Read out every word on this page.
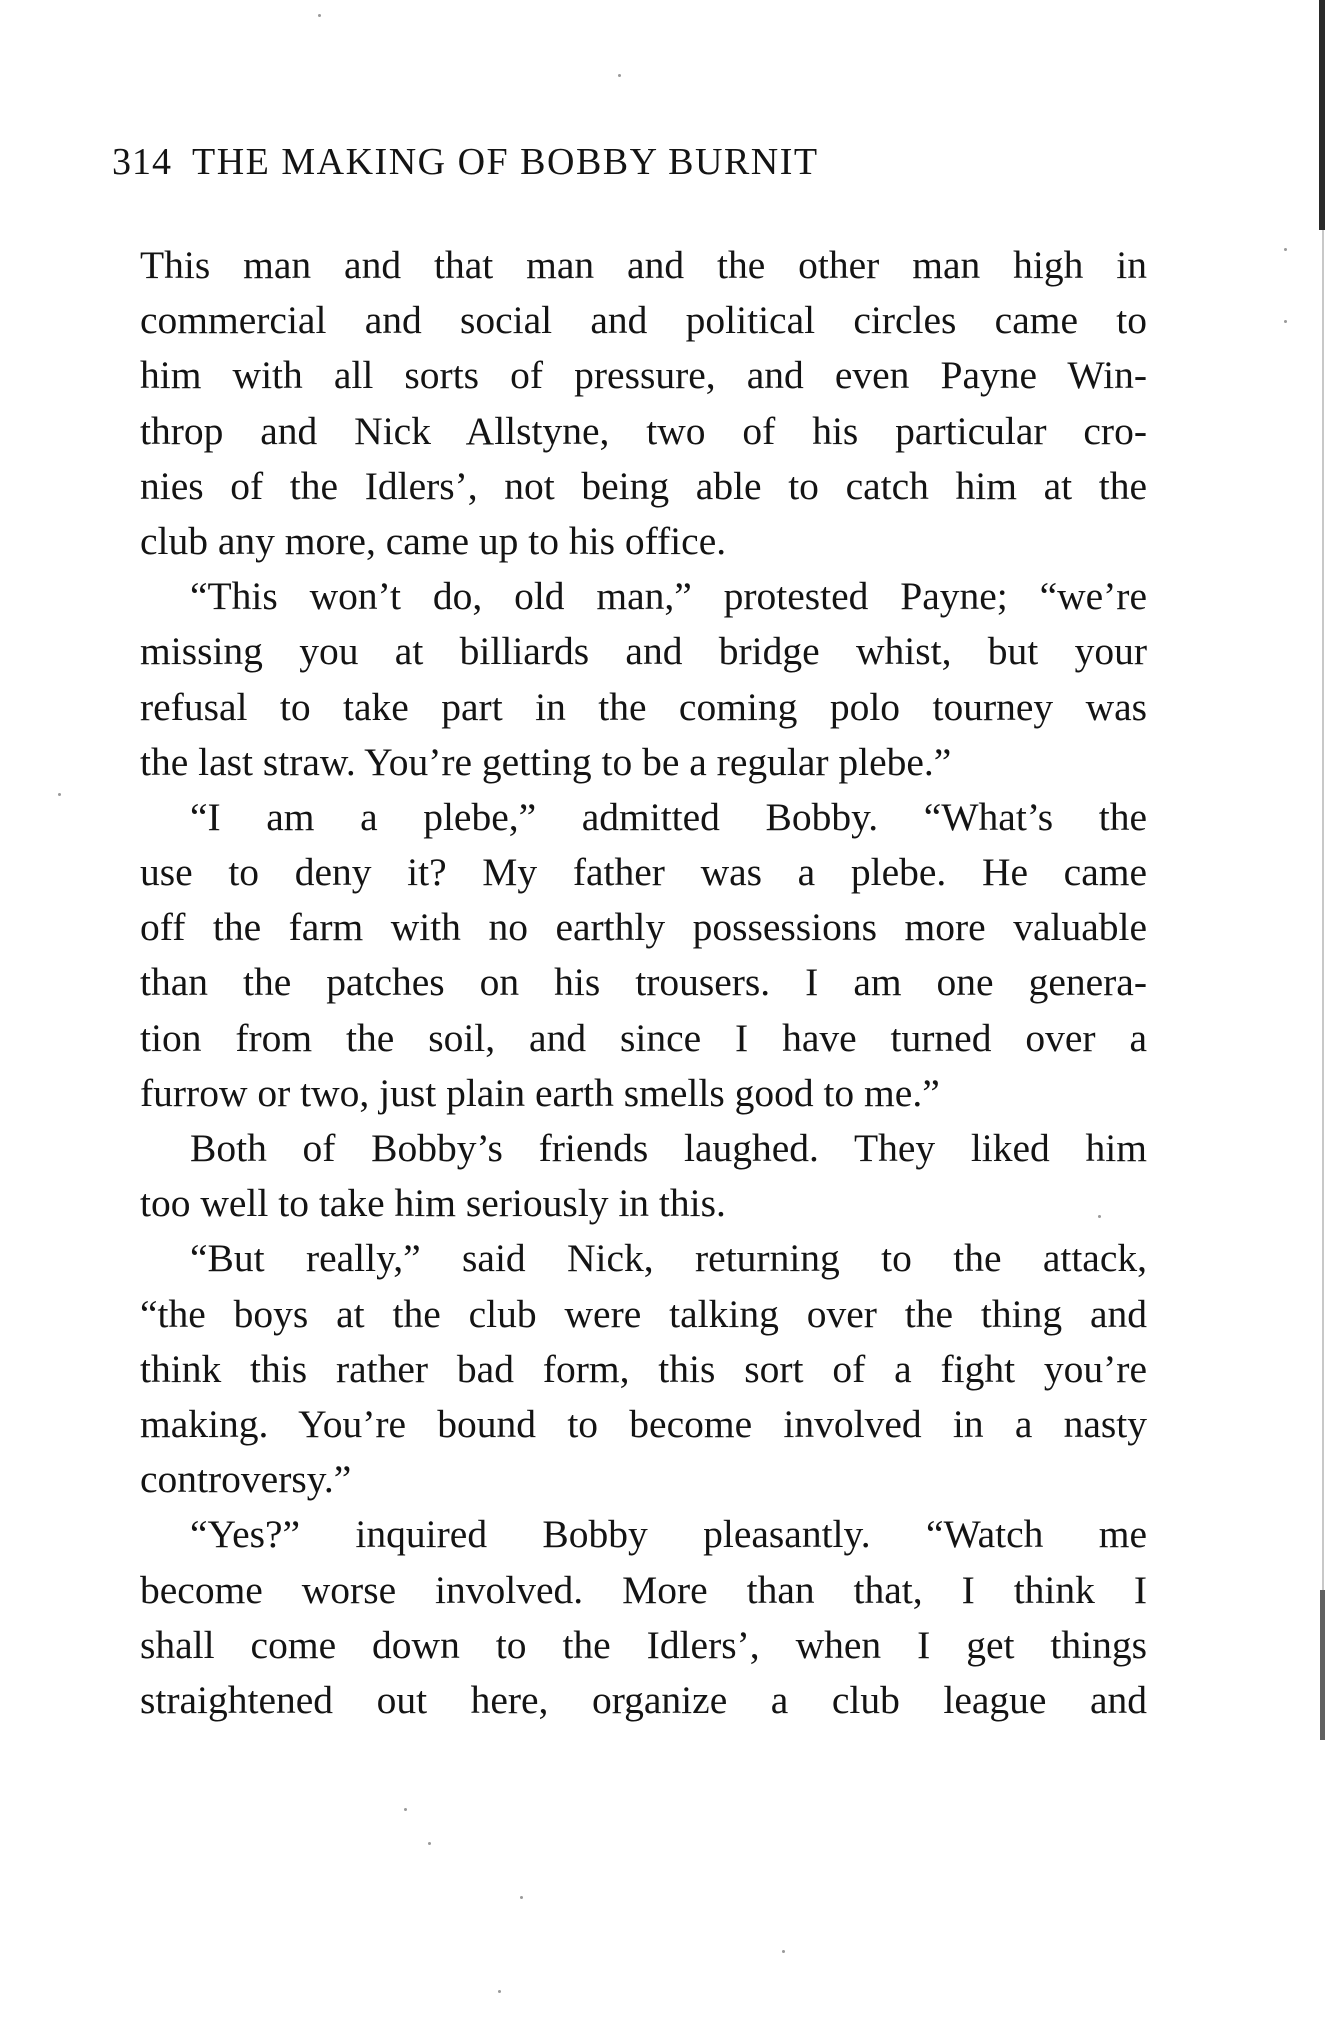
314 THE MAKING OF BOBBY BURNIT
This man and that man and the other man high in
commercial and social and political circles came to
him with all sorts of pressure, and even Payne Win-
throp and Nick Allstyne, two of his particular cro-
nies of the Idlers’, not being able to catch him at the
club any more, came up to his office.
“This won’t do, old man,” protested Payne; “we’re
missing you at billiards and bridge whist, but your
refusal to take part in the coming polo tourney was
the last straw. You’re getting to be a regular plebe.”
“I am a plebe,” admitted Bobby. “What’s the
use to deny it? My father was a plebe. He came
off the farm with no earthly possessions more valuable
than the patches on his trousers. I am one genera-
tion from the soil, and since I have turned over a
furrow or two, just plain earth smells good to me.”
Both of Bobby’s friends laughed. They liked him
too well to take him seriously in this.
“But really,” said Nick, returning to the attack,
“the boys at the club were talking over the thing and
think this rather bad form, this sort of a fight you’re
making. You’re bound to become involved in a nasty
controversy.”
“Yes?” inquired Bobby pleasantly. “Watch me
become worse involved. More than that, I think I
shall come down to the Idlers’, when I get things
straightened out here, organize a club league and
